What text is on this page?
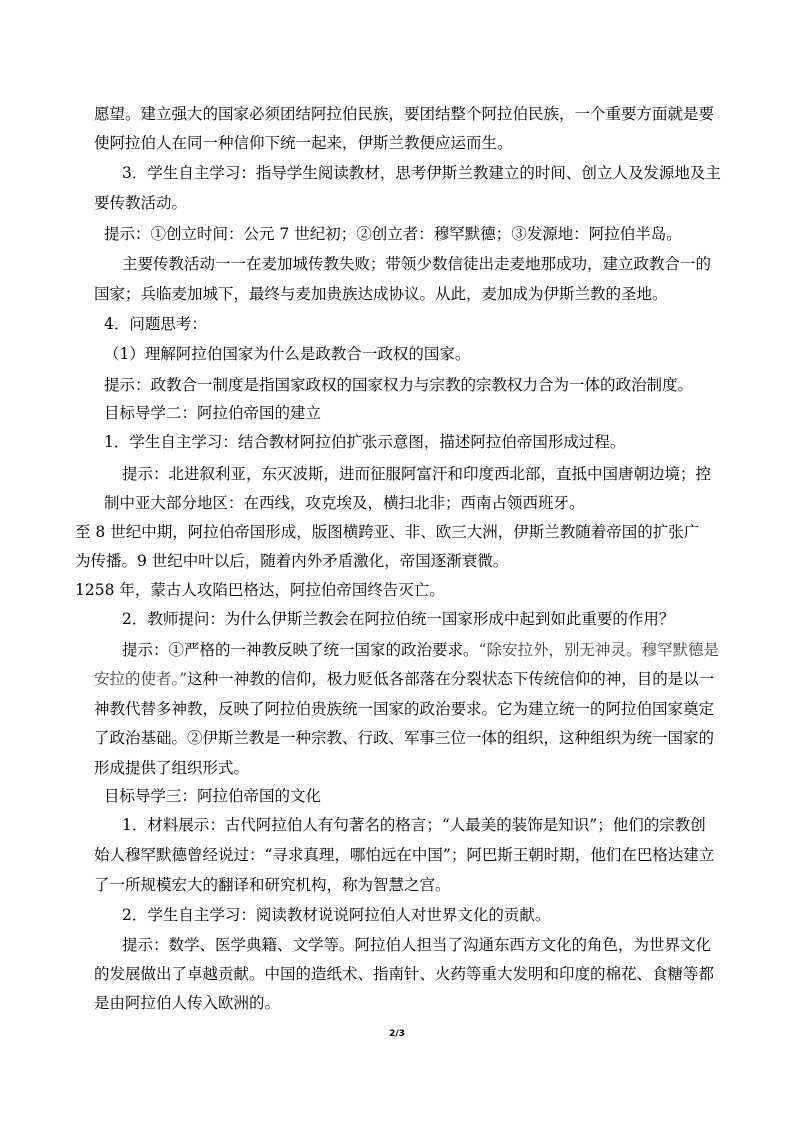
愿望。建立强大的国家必须团结阿拉伯民族，要团结整个阿拉伯民族，一个重要方面就是要
使阿拉伯人在同一种信仰下统一起来，伊斯兰教便应运而生。
3．学生自主学习：指导学生阅读教材，思考伊斯兰教建立的时间、创立人及发源地及主
要传教活动。
提示：①创立时间：公元 7 世纪初；②创立者：穆罕默德；③发源地：阿拉伯半岛。
主要传教活动一一在麦加城传教失败；带领少数信徒出走麦地那成功，建立政教合一的
国家；兵临麦加城下，最终与麦加贵族达成协议。从此，麦加成为伊斯兰教的圣地。
4．问题思考：
（1）理解阿拉伯国家为什么是政教合一政权的国家。
提示：政教合一制度是指国家政权的国家权力与宗教的宗教权力合为一体的政治制度。
目标导学二：阿拉伯帝国的建立
1．学生自主学习：结合教材阿拉伯扩张示意图，描述阿拉伯帝国形成过程。
提示：北进叙利亚，东灭波斯，进而征服阿富汗和印度西北部，直抵中国唐朝边境；控
制中亚大部分地区：在西线，攻克埃及，横扫北非；西南占领西班牙。
至 8 世纪中期，阿拉伯帝国形成，版图横跨亚、非、欧三大洲，伊斯兰教随着帝国的扩张广
为传播。9 世纪中叶以后，随着内外矛盾激化，帝国逐渐衰微。
1258 年，蒙古人攻陷巴格达，阿拉伯帝国终告灭亡。
2．教师提问：为什么伊斯兰教会在阿拉伯统一国家形成中起到如此重要的作用？
提示：①严格的一神教反映了统一国家的政治要求。“除安拉外，别无神灵。穆罕默德是
安拉的使者。”这种一神教的信仰，极力贬低各部落在分裂状态下传统信仰的神，目的是以一
神教代替多神教，反映了阿拉伯贵族统一国家的政治要求。它为建立统一的阿拉伯国家奠定
了政治基础。②伊斯兰教是一种宗教、行政、军事三位一体的组织，这种组织为统一国家的
形成提供了组织形式。
目标导学三：阿拉伯帝国的文化
1．材料展示：古代阿拉伯人有句著名的格言；“人最美的装饰是知识”；他们的宗教创
始人穆罕默德曾经说过：“寻求真理，哪怕远在中国”；阿巴斯王朝时期，他们在巴格达建立
了一所规模宏大的翻译和研究机构，称为智慧之宫。
2．学生自主学习：阅读教材说说阿拉伯人对世界文化的贡献。
提示：数学、医学典籍、文学等。阿拉伯人担当了沟通东西方文化的角色，为世界文化
的发展做出了卓越贡献。中国的造纸术、指南针、火药等重大发明和印度的棉花、食糖等都
是由阿拉伯人传入欧洲的。
2/3
